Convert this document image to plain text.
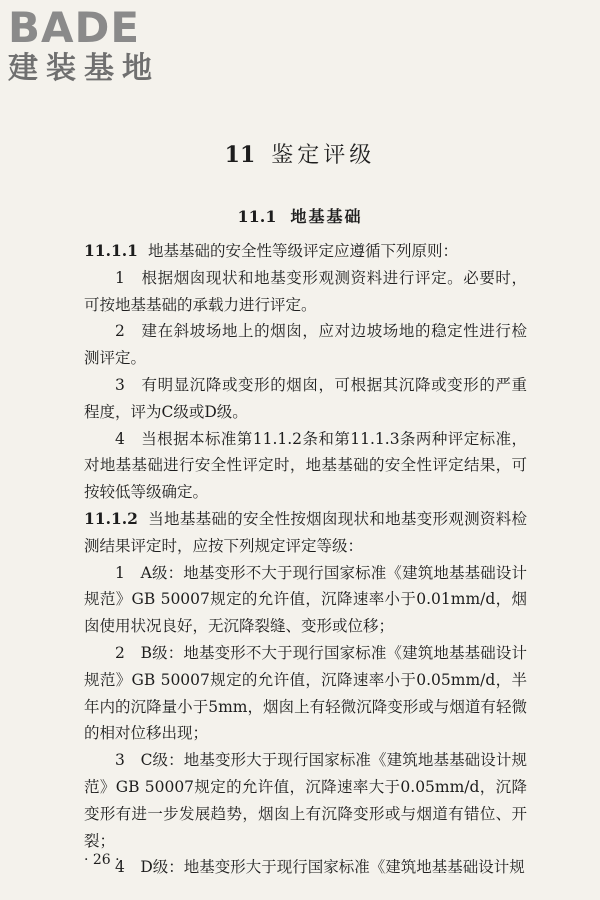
BADE
建装基地
11 鉴定评级
11.1 地基基础

11.1.1 地基基础的安全性等级评定应遵循下列原则：

1　根据烟囱现状和地基变形观测资料进行评定。必要时，可按地基基础的承载力进行评定。

2　建在斜坡场地上的烟囱，应对边坡场地的稳定性进行检测评定。

3　有明显沉降或变形的烟囱，可根据其沉降或变形的严重程度，评为C级或D级。

4　当根据本标准第11.1.2条和第11.1.3条两种评定标准，对地基基础进行安全性评定时，地基基础的安全性评定结果，可按较低等级确定。

11.1.2 当地基基础的安全性按烟囱现状和地基变形观测资料检测结果评定时，应按下列规定评定等级：

1　A级：地基变形不大于现行国家标准《建筑地基基础设计规范》GB 50007规定的允许值，沉降速率小于0.01mm/d，烟囱使用状况良好，无沉降裂缝、变形或位移；

2　B级：地基变形不大于现行国家标准《建筑地基基础设计规范》GB 50007规定的允许值，沉降速率小于0.05mm/d，半年内的沉降量小于5mm，烟囱上有轻微沉降变形或与烟道有轻微的相对位移出现；

3　C级：地基变形大于现行国家标准《建筑地基基础设计规范》GB 50007规定的允许值，沉降速率大于0.05mm/d，沉降变形有进一步发展趋势，烟囱上有沉降变形或与烟道有错位、开裂；

4　D级：地基变形大于现行国家标准《建筑地基基础设计规

· 26 ·
